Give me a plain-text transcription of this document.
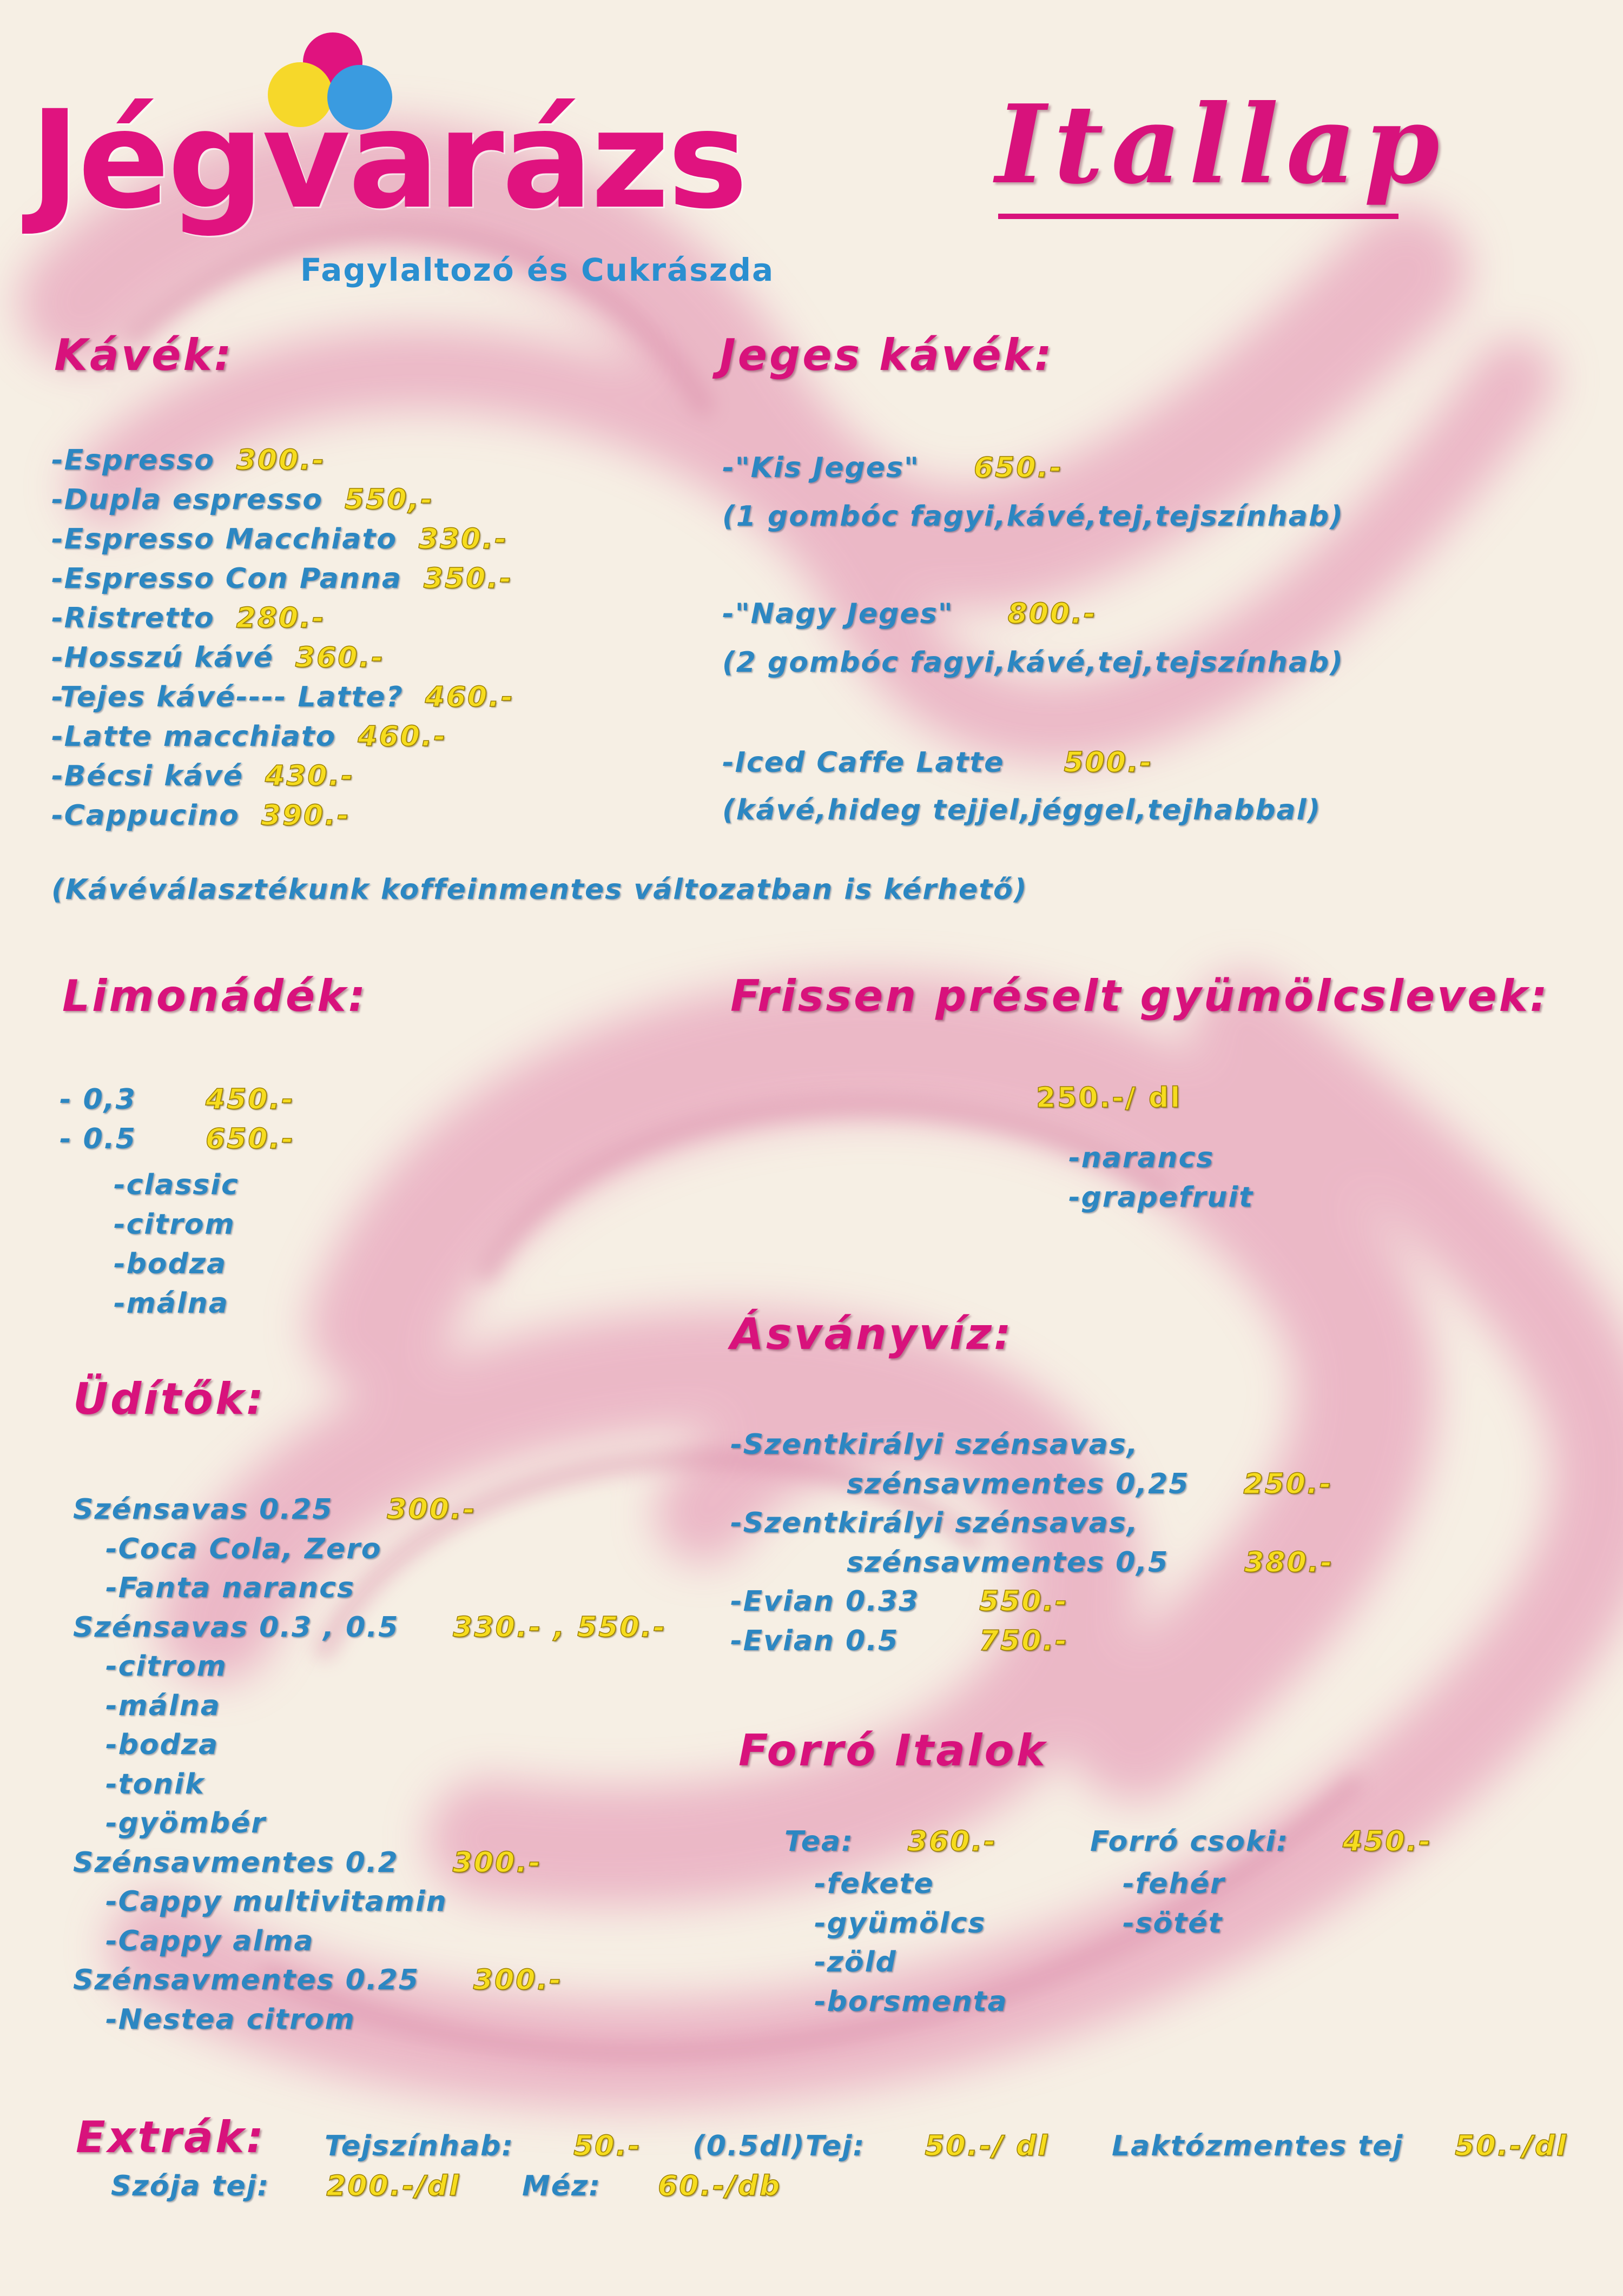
Jégvarázs
Fagylaltozó és Cukrászda
Itallap
Kávék:
-Espresso 300.-
-Dupla espresso 550,-
-Espresso Macchiato 330.-
-Espresso Con Panna 350.-
-Ristretto 280.-
-Hosszú kávé 360.-
-Tejes kávé---- Latte? 460.-
-Latte macchiato 460.-
-Bécsi kávé 430.-
-Cappucino 390.-
(Kávéválasztékunk koffeinmentes változatban is kérhető)
Jeges kávék:
-"Kis Jeges" 650.-
(1 gombóc fagyi,kávé,tej,tejszínhab)
-"Nagy Jeges" 800.-
(2 gombóc fagyi,kávé,tej,tejszínhab)
-Iced Caffe Latte 500.-
(kávé,hideg tejjel,jéggel,tejhabbal)
Limonádék:
- 0,3 450.-
- 0.5 650.-
-classic
-citrom
-bodza
-málna
Frissen préselt gyümölcslevek:
250.-/ dl
-narancs
-grapefruit
Üdítők:
Szénsavas 0.25 300.-
-Coca Cola, Zero
-Fanta narancs
Szénsavas 0.3 , 0.5 330.- , 550.-
-citrom
-málna
-bodza
-tonik
-gyömbér
Szénsavmentes 0.2 300.-
-Cappy multivitamin
-Cappy alma
Szénsavmentes 0.25 300.-
-Nestea citrom
Ásványvíz:
-Szentkirályi szénsavas,
szénsavmentes 0,25 250.-
-Szentkirályi szénsavas,
szénsavmentes 0,5	380.-
-Evian 0.33 550.-
-Evian 0.5	750.-
Forró Italok
Tea: 360.-
-fekete
-gyümölcs
-zöld
-borsmenta
Forró csoki: 450.-
-fehér
-sötét
Extrák: Tejszínhab: 50.- (0.5dl)Tej: 50.-/ dl Laktózmentes tej 50.-/dl
Szója tej: 200.-/dl Méz: 60.-/db
